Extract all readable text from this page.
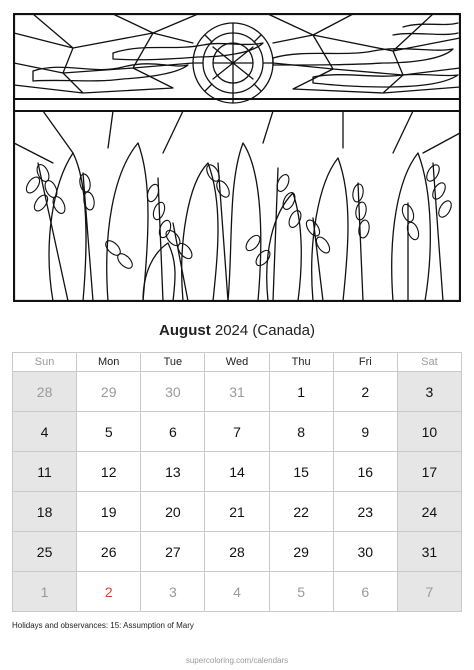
August 2024 (Canada)
Sun	Mon	Tue	Wed	Thu	Fri	Sat
28	29	30	31	1	2	3
4	5	6	7	8	9	10
11	12	13	14	15	16	17
18	19	20	21	22	23	24
25	26	27	28	29	30	31
1	2	3	4	5	6	7
Holidays and observances: 15: Assumption of Mary
supercoloring.com/calendars
